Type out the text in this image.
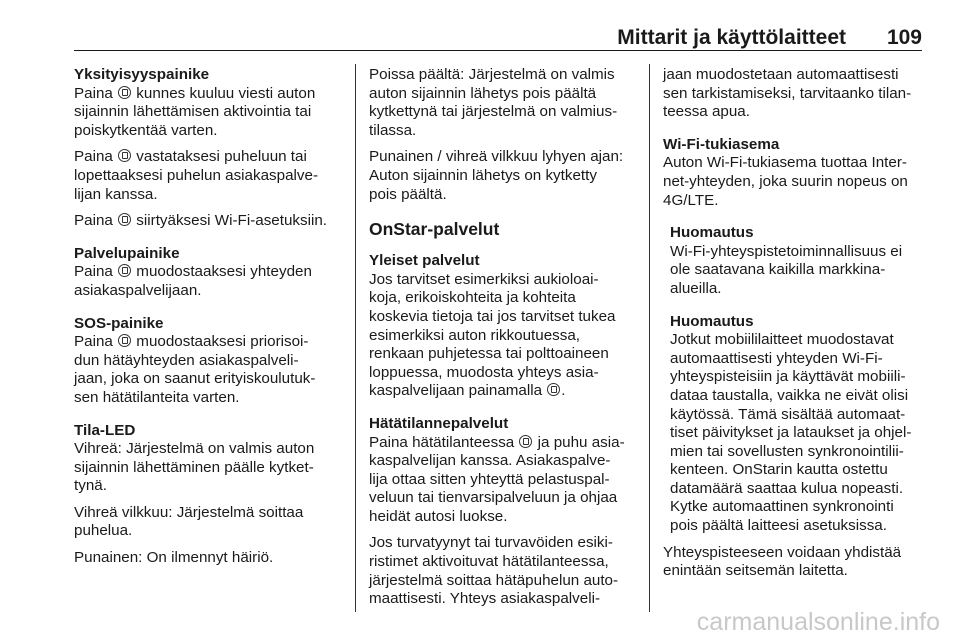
Mittarit ja käyttölaitteet 109
Yksityisyyspainike
Paina  kunnes kuuluu viesti auton
sijainnin lähettämisen aktivointia tai
poiskytkentää varten.
Paina  vastataksesi puheluun tai
lopettaaksesi puhelun asiakaspalve-
lijan kanssa.
Paina  siirtyäksesi Wi-Fi-asetuksiin.
Palvelupainike
Paina  muodostaaksesi yhteyden
asiakaspalvelijaan.
SOS-painike
Paina  muodostaaksesi priorisoi-
dun hätäyhteyden asiakaspalveli-
jaan, joka on saanut erityiskoulutuk-
sen hätätilanteita varten.
Tila-LED
Vihreä: Järjestelmä on valmis auton
sijainnin lähettäminen päälle kytket-
tynä.
Vihreä vilkkuu: Järjestelmä soittaa
puhelua.
Punainen: On ilmennyt häiriö.
Poissa päältä: Järjestelmä on valmis
auton sijainnin lähetys pois päältä
kytkettynä tai järjestelmä on valmius-
tilassa.
Punainen / vihreä vilkkuu lyhyen ajan:
Auton sijainnin lähetys on kytketty
pois päältä.
OnStar-palvelut
Yleiset palvelut
Jos tarvitset esimerkiksi aukioloai-
koja, erikoiskohteita ja kohteita
koskevia tietoja tai jos tarvitset tukea
esimerkiksi auton rikkoutuessa,
renkaan puhjetessa tai polttoaineen
loppuessa, muodosta yhteys asia-
kaspalvelijaan painamalla .
Hätätilannepalvelut
Paina hätätilanteessa  ja puhu asia-
kaspalvelijan kanssa. Asiakaspalve-
lija ottaa sitten yhteyttä pelastuspal-
veluun tai tienvarsipalveluun ja ohjaa
heidät autosi luokse.
Jos turvatyynyt tai turvavöiden esiki-
ristimet aktivoituvat hätätilanteessa,
järjestelmä soittaa hätäpuhelun auto-
maattisesti. Yhteys asiakaspalveli-
jaan muodostetaan automaattisesti
sen tarkistamiseksi, tarvitaanko tilan-
teessa apua.
Wi-Fi-tukiasema
Auton Wi-Fi-tukiasema tuottaa Inter-
net-yhteyden, joka suurin nopeus on
4G/LTE.
Huomautus
Wi-Fi-yhteyspistetoiminnallisuus ei
ole saatavana kaikilla markkina-
alueilla.
Huomautus
Jotkut mobiililaitteet muodostavat
automaattisesti yhteyden Wi-Fi-
yhteyspisteisiin ja käyttävät mobiili-
dataa taustalla, vaikka ne eivät olisi
käytössä. Tämä sisältää automaat-
tiset päivitykset ja lataukset ja ohjel-
mien tai sovellusten synkronointilii-
kenteen. OnStarin kautta ostettu
datamäärä saattaa kulua nopeasti.
Kytke automaattinen synkronointi
pois päältä laitteesi asetuksissa.
Yhteyspisteeseen voidaan yhdistää
enintään seitsemän laitetta.
carmanualsonline.info
